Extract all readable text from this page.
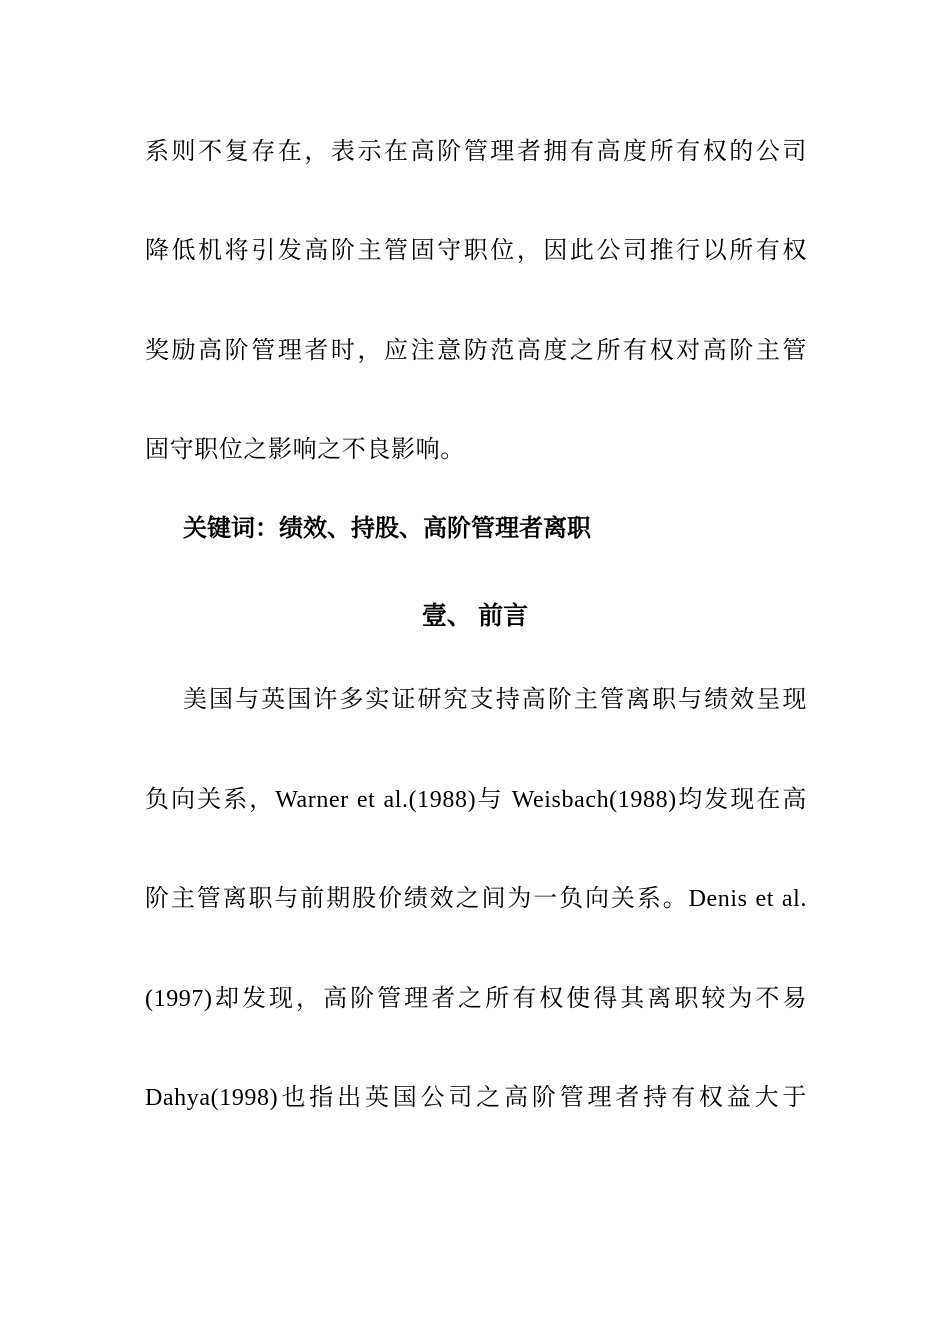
系则不复存在，表示在高阶管理者拥有高度所有权的公司
降低机将引发高阶主管固守职位，因此公司推行以所有权
奖励高阶管理者时，应注意防范高度之所有权对高阶主管
固守职位之影响之不良影响。
关键词：绩效、持股、高阶管理者离职
壹、 前言
美国与英国许多实证研究支持高阶主管离职与绩效呈现
负向关系，Warner et al.(1988)与 Weisbach(1988)均发现在高
阶主管离职与前期股价绩效之间为一负向关系。Denis et al.
(1997)却发现，高阶管理者之所有权使得其离职较为不易
Dahya(1998)也指出英国公司之高阶管理者持有权益大于
